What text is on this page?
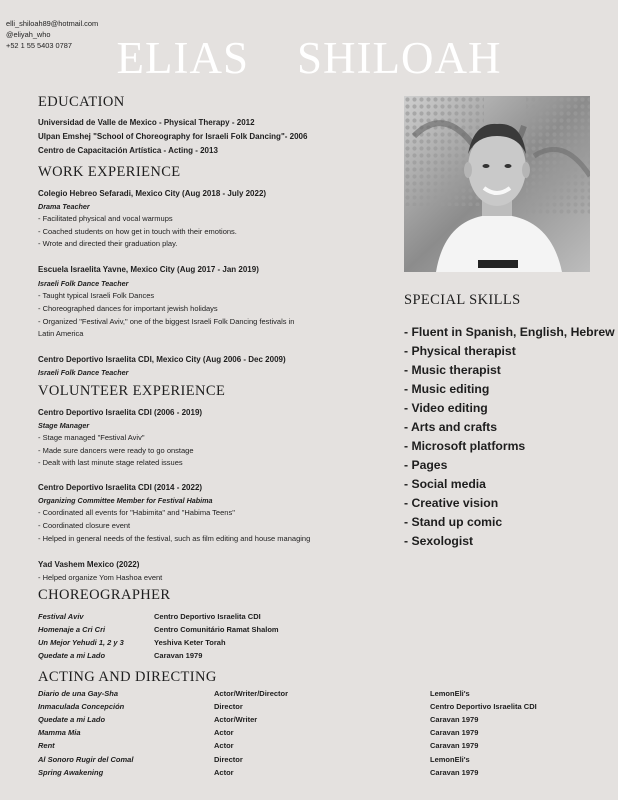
elli_shiloah89@hotmail.com
@eliyah_who
+52 1 55 5403 0787 ELIAS SHILOAH
EDUCATION
Universidad de Valle de Mexico - Physical Therapy - 2012
Ulpan Emshej "School of Choreography for Israeli Folk Dancing"- 2006
Centro de Capacitación Artística - Acting - 2013
WORK EXPERIENCE
Colegio Hebreo Sefaradi, Mexico City (Aug 2018 - July 2022)
Drama Teacher
- Facilitated physical and vocal warmups
- Coached students on how get in touch with their emotions.
- Wrote and directed their graduation play.
Escuela Israelita Yavne, Mexico City (Aug 2017 - Jan 2019)
Israeli Folk Dance Teacher
- Taught typical Israeli Folk Dances
- Choreographed dances for important jewish holidays
- Organized "Festival Aviv," one of the biggest Israeli Folk Dancing festivals in
Latin America
Centro Deportivo Israelita CDI, Mexico City (Aug 2006 - Dec 2009)
Israeli Folk Dance Teacher
VOLUNTEER EXPERIENCE
Centro Deportivo Israelita CDI (2006 - 2019)
Stage Manager
- Stage managed "Festival Aviv"
- Made sure dancers were ready to go onstage
- Dealt with last minute stage related issues
Centro Deportivo Israelita CDI (2014 - 2022)
Organizing Committee Member for Festival Habima
- Coordinated all events for "Habimita" and "Habima Teens"
- Coordinated closure event
- Helped in general needs of the festival, such as film editing and house managing
Yad Vashem Mexico (2022)
- Helped organize Yom Hashoa event
CHOREOGRAPHER
Festival Aviv	Centro Deportivo Israelita CDI
Homenaje a Cri Cri	Centro Comunitário Ramat Shalom
Un Mejor Yehudi 1, 2 y 3	Yeshiva Keter Torah
Quedate a mi Lado	Caravan 1979
ACTING AND DIRECTING
Diario de una Gay-Sha	Actor/Writer/Director	LemonEli's
Inmaculada Concepción	Director	Centro Deportivo Israelita CDI
Quedate a mi Lado	Actor/Writer	Caravan 1979
Mamma Mia	Actor	Caravan 1979
Rent	Actor	Caravan 1979
Al Sonoro Rugir del Comal	Director	LemonEli's
Spring Awakening	Actor	Caravan 1979
SPECIAL SKILLS
- Fluent in Spanish, English, Hebrew
- Physical therapist
- Music therapist
- Music editing
- Video editing
- Arts and crafts
- Microsoft platforms
- Pages
- Social media
- Creative vision
- Stand up comic
- Sexologist
